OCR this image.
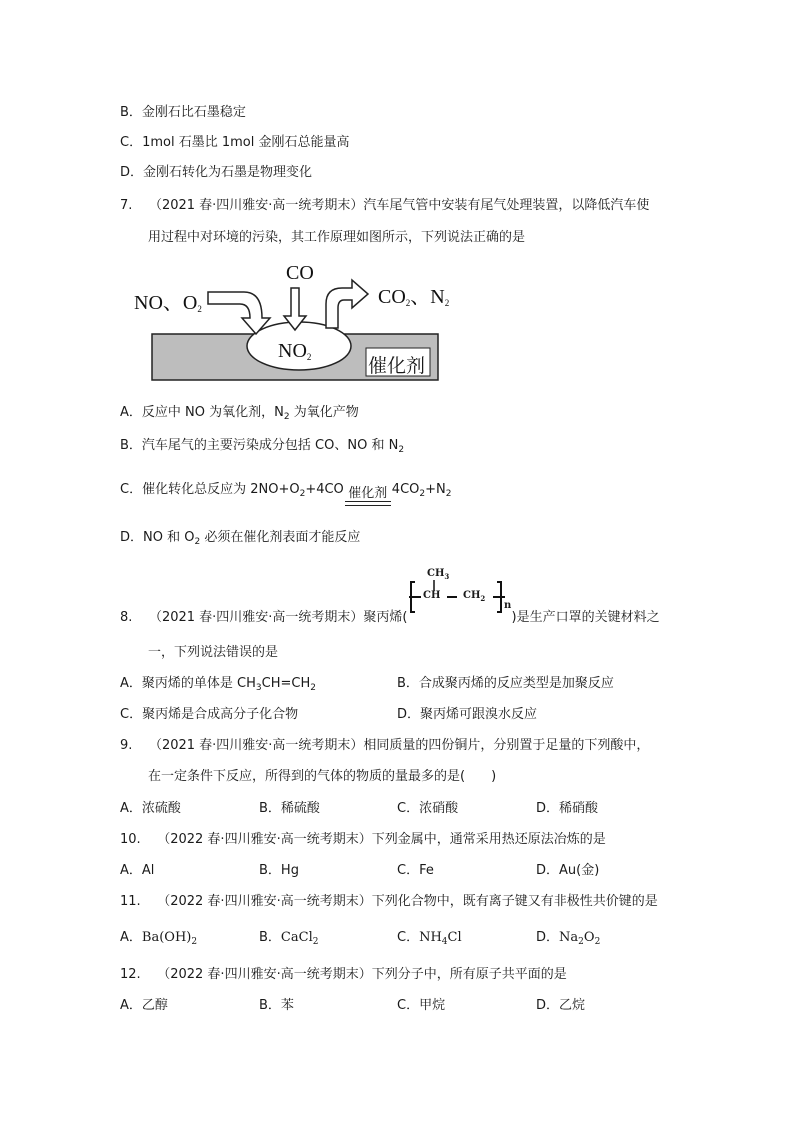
B．金刚石比石墨稳定
C．1mol 石墨比 1mol 金刚石总能量高
D．金刚石转化为石墨是物理变化
7. （2021 春·四川雅安·高一统考期末）汽车尾气管中安装有尾气处理装置，以降低汽车使
用过程中对环境的污染，其工作原理如图所示，下列说法正确的是
NO、$O_2$
CO
$CO_2$、$N_2$
$NO_2$	催化剂
A．反应中 NO 为氧化剂，$N_2$ 为氧化产物
B．汽车尾气的主要污染成分包括 CO、NO 和 $N_2$
C．催化转化总反应为 $2NO+O_2+4CO$ 催化剂 $4CO_2+N_2$
D．NO 和 $O_2$ 必须在催化剂表面才能反应
8. （2021 春·四川雅安·高一统考期末）聚丙烯(	)是生产口罩的关键材料之
$CH_3$
CH $CH_2$
n
一，下列说法错误的是
A．聚丙烯的单体是 $CH_3CH=CH_2$	B．合成聚丙烯的反应类型是加聚反应
C．聚丙烯是合成高分子化合物	D．聚丙烯可跟溴水反应
9. （2021 春·四川雅安·高一统考期末）相同质量的四份铜片，分别置于足量的下列酸中，
在一定条件下反应，所得到的气体的物质的量最多的是(　　)
A．浓硫酸	B．稀硫酸	C．浓硝酸	D．稀硝酸
10. （2022 春·四川雅安·高一统考期末）下列金属中，通常采用热还原法冶炼的是
A．Al	B．Hg	C．Fe	D．Au(金)
11. （2022 春·四川雅安·高一统考期末）下列化合物中，既有离子键又有非极性共价键的是
A．$Ba(OH)_2$	B．CaCl$_2$	C．$NH_4Cl$	D．$Na_2O_2$
12. （2022 春·四川雅安·高一统考期末）下列分子中，所有原子共平面的是
A．乙醇	B．苯	C．甲烷	D．乙烷
